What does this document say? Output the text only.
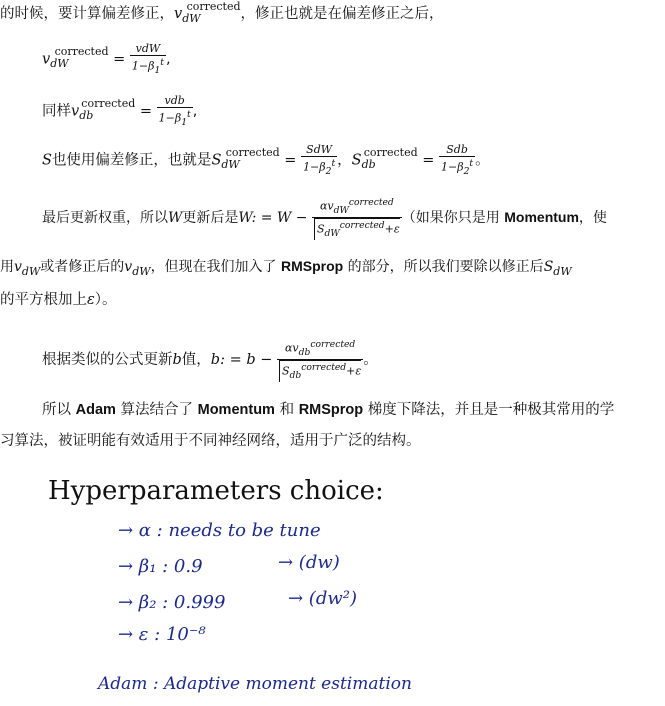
的时候，要计算偏差修正，$v_{dW}^{corrected}$，修正也就是在偏差修正之后，
$v_{dW}^{corrected} = \frac{\text{vdW}}{1-\beta_1^t}$ ,
同样$v_{db}^{corrected} = \frac{\text{vdb}}{1-\beta_1^t}$ ,
S也使用偏差修正，也就是$S_{dW}^{corrected} = \frac{\text{SdW}}{1-\beta_2^t}$ ，$S_{db}^{corrected} = \frac{\text{Sdb}}{1-\beta_2^t}$ 。
最后更新权重，所以W更新后是W: = $W - \frac{\alpha v_{dW}^{corrected}}{S_{dW}^{corrected}+\varepsilon}$ （如果你只是用 Momentum，使
用$v_{dW}$或者修正后的$v_{dW}$，但现在我们加入了 RMSprop 的部分，所以我们要除以修正后$S_{dW}$
的平方根加上ε）。
根据类似的公式更新b值，b: = $b - \frac{\alpha v_{db}^{corrected}}{S_{db}^{corrected}+\varepsilon}$ 。
所以 Adam 算法结合了 Momentum 和 RMSprop 梯度下降法，并且是一种极其常用的学
习算法，被证明能有效适用于不同神经网络，适用于广泛的结构。
Hyperparameters choice:
→ α : needs to be tune
→ β₁ : 0.9	→ (dw)
→ β₂ : 0.999	→ (dw²)
→ ε : 10⁻⁸
Adam : Adaptive moment estimation
